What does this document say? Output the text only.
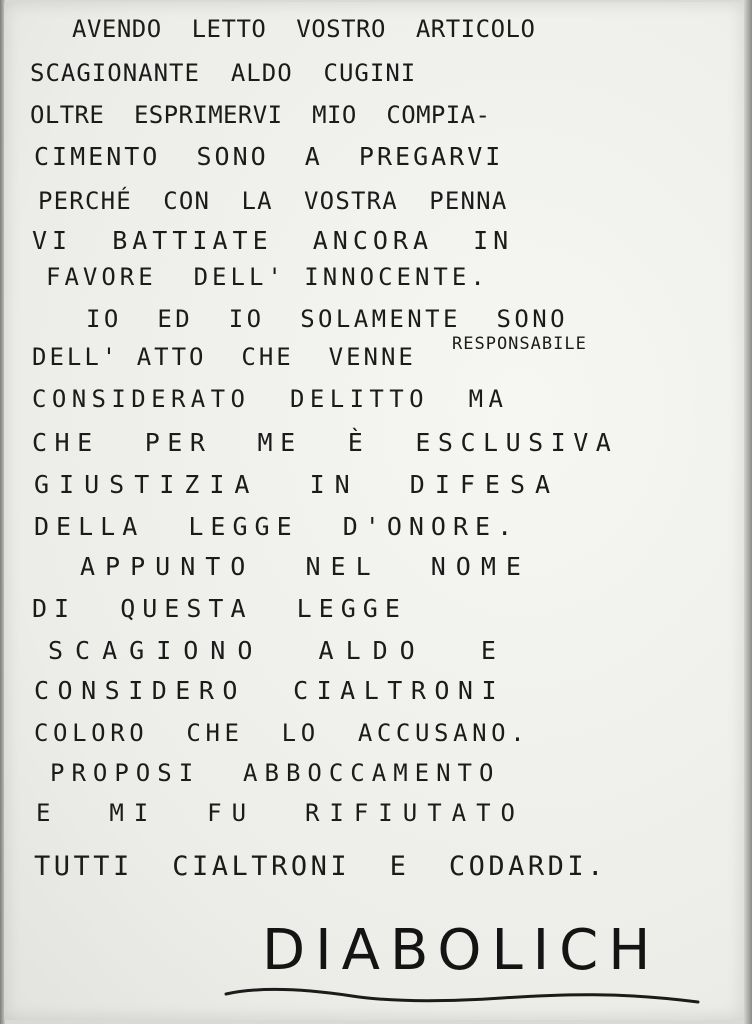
AVENDO  LETTO  VOSTRO  ARTICOLO
SCAGIONANTE  ALDO  CUGINI
OLTRE  ESPRIMERVI  MIO  COMPIA-
CIMENTO  SONO  A  PREGARVI
PERCHÉ  CON  LA  VOSTRA  PENNA
VI  BATTIATE  ANCORA  IN
FAVORE  DELL' INNOCENTE.
IO  ED  IO  SOLAMENTE  SONO
RESPONSABILE
DELL' ATTO  CHE  VENNE
CONSIDERATO  DELITTO  MA
CHE  PER  ME  È  ESCLUSIVA
GIUSTIZIA  IN  DIFESA
DELLA  LEGGE  D'ONORE.
APPUNTO  NEL  NOME
DI  QUESTA  LEGGE
SCAGIONO  ALDO  E
CONSIDERO  CIALTRONI
COLORO  CHE  LO  ACCUSANO.
PROPOSI  ABBOCCAMENTO
E  MI  FU  RIFIUTATO
TUTTI  CIALTRONI  E  CODARDI.
DIABOLICH
